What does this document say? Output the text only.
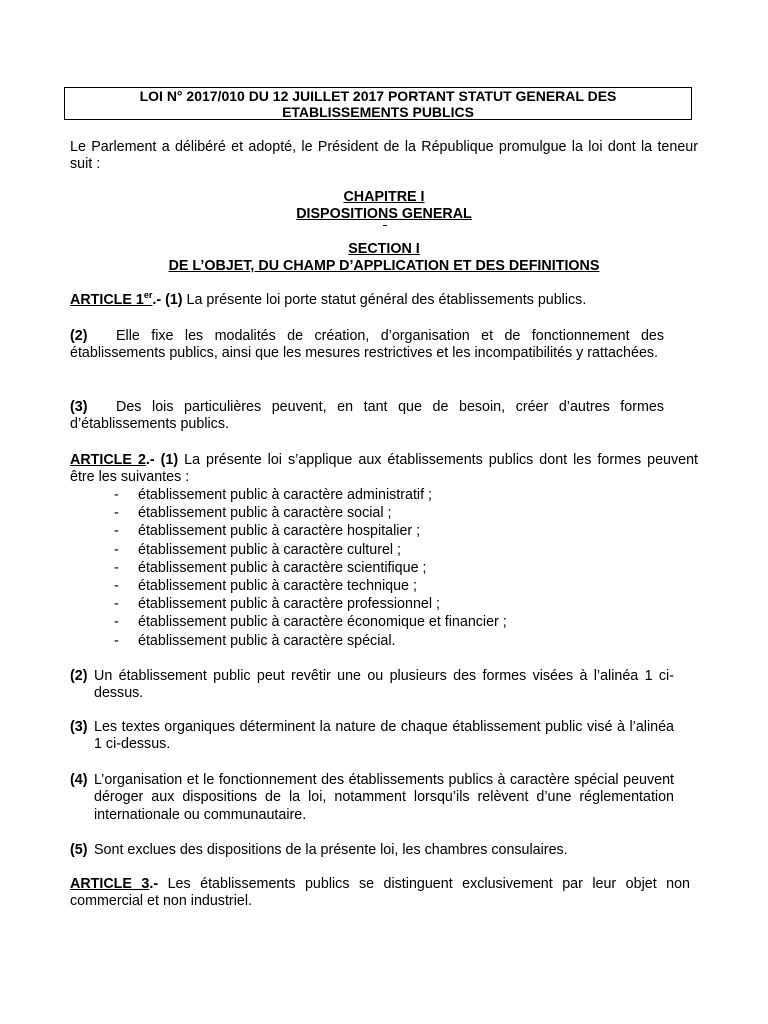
LOI N° 2017/010 DU 12 JUILLET 2017 PORTANT STATUT GENERAL DES
ETABLISSEMENTS PUBLICS
Le Parlement a délibéré et adopté, le Président de la République promulgue la loi dont la teneur suit :
CHAPITRE I
DISPOSITIONS GENERAL
SECTION I
DE L’OBJET, DU CHAMP D’APPLICATION ET DES DEFINITIONS
ARTICLE 1er.- (1) La présente loi porte statut général des établissements publics.
(2) Elle fixe les modalités de création, d’organisation et de fonctionnement des établissements publics, ainsi que les mesures restrictives et les incompatibilités y rattachées.
(3) Des lois particulières peuvent, en tant que de besoin, créer d’autres formes d’établissements publics.
ARTICLE 2.- (1) La présente loi s’applique aux établissements publics dont les formes peuvent être les suivantes :
- établissement public à caractère administratif ;
- établissement public à caractère social ;
- établissement public à caractère hospitalier ;
- établissement public à caractère culturel ;
- établissement public à caractère scientifique ;
- établissement public à caractère technique ;
- établissement public à caractère professionnel ;
- établissement public à caractère économique et financier ;
- établissement public à caractère spécial.
(2) Un établissement public peut revêtir une ou plusieurs des formes visées à l’alinéa 1 ci-dessus.
(3) Les textes organiques déterminent la nature de chaque établissement public visé à l’alinéa 1 ci-dessus.
(4) L’organisation et le fonctionnement des établissements publics à caractère spécial peuvent déroger aux dispositions de la loi, notamment lorsqu’ils relèvent d’une réglementation internationale ou communautaire.
(5) Sont exclues des dispositions de la présente loi, les chambres consulaires.
ARTICLE 3.- Les établissements publics se distinguent exclusivement par leur objet non commercial et non industriel.
